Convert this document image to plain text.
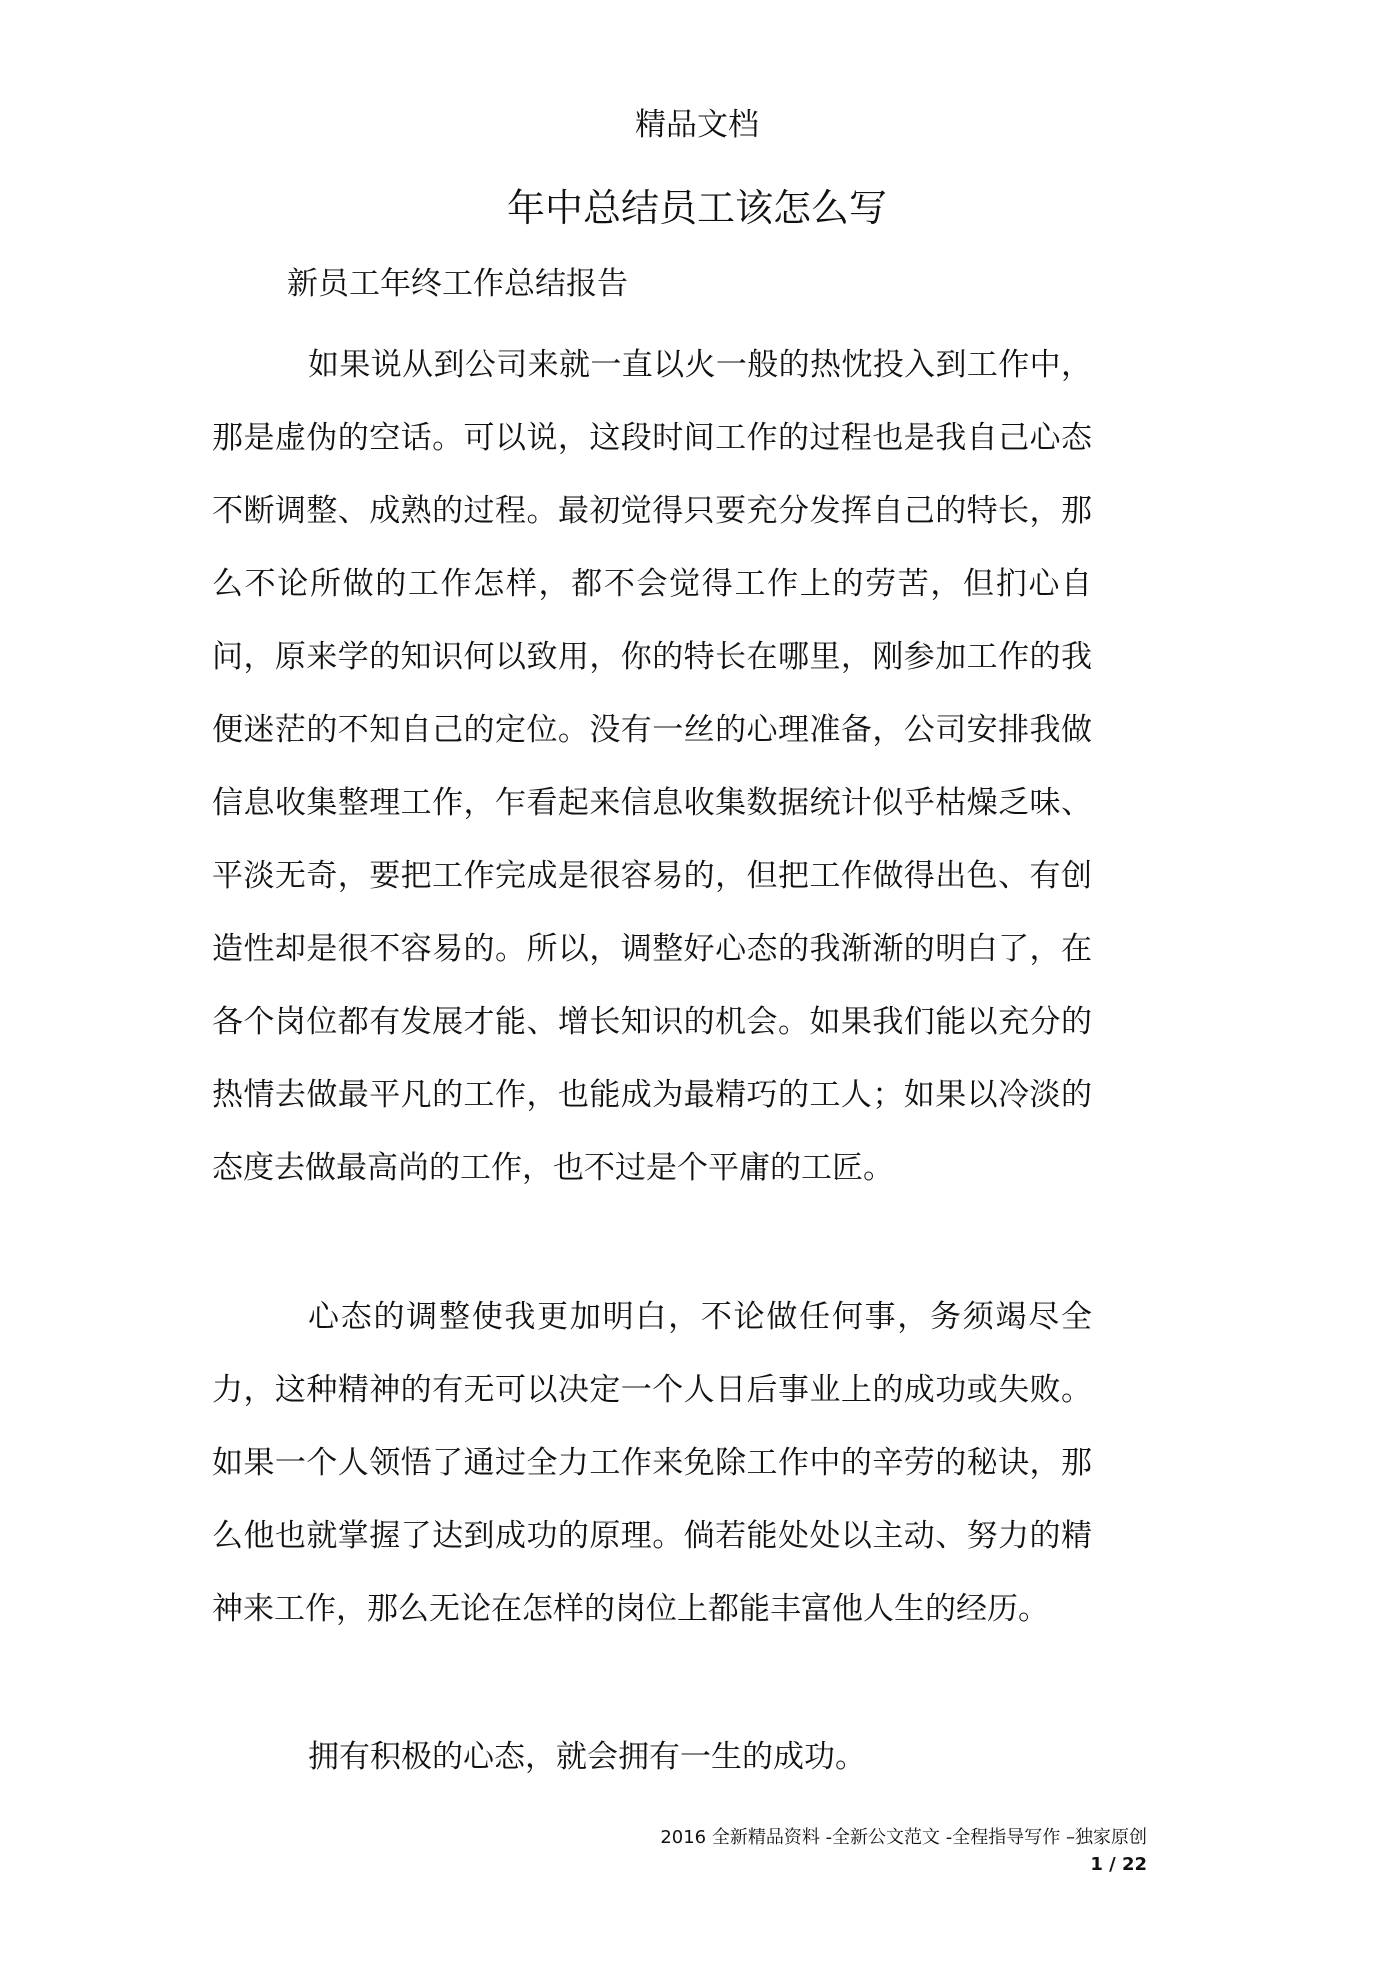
精品文档
年中总结员工该怎么写
新员工年终工作总结报告

如果说从到公司来就一直以火一般的热忱投入到工作中，那是虚伪的空话。可以说，这段时间工作的过程也是我自己心态不断调整、成熟的过程。最初觉得只要充分发挥自己的特长，那么不论所做的工作怎样，都不会觉得工作上的劳苦，但扪心自问，原来学的知识何以致用，你的特长在哪里，刚参加工作的我便迷茫的不知自己的定位。没有一丝的心理准备，公司安排我做信息收集整理工作，乍看起来信息收集数据统计似乎枯燥乏味、平淡无奇，要把工作完成是很容易的，但把工作做得出色、有创造性却是很不容易的。所以，调整好心态的我渐渐的明白了，在各个岗位都有发展才能、增长知识的机会。如果我们能以充分的热情去做最平凡的工作，也能成为最精巧的工人；如果以冷淡的态度去做最高尚的工作，也不过是个平庸的工匠。

心态的调整使我更加明白，不论做任何事，务须竭尽全力，这种精神的有无可以决定一个人日后事业上的成功或失败。如果一个人领悟了通过全力工作来免除工作中的辛劳的秘诀，那么他也就掌握了达到成功的原理。倘若能处处以主动、努力的精神来工作，那么无论在怎样的岗位上都能丰富他人生的经历。

拥有积极的心态，就会拥有一生的成功。

2016 全新精品资料 -全新公文范文 -全程指导写作 –独家原创
1 / 22
